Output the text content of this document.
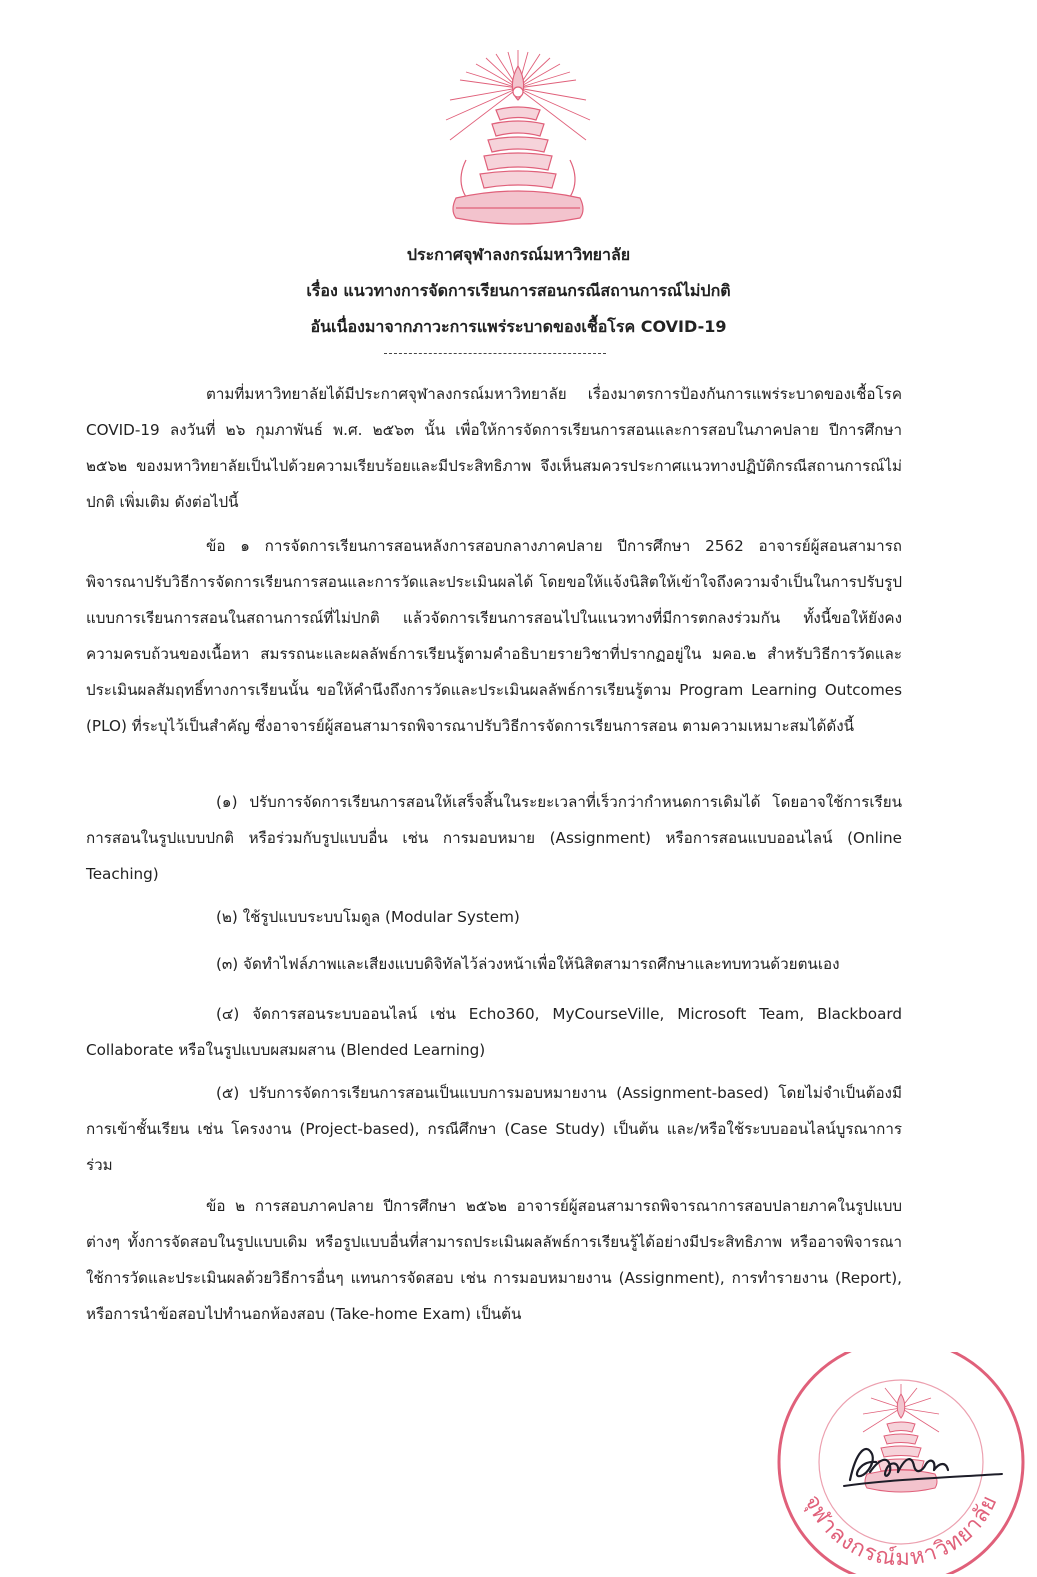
ประกาศจุฬาลงกรณ์มหาวิทยาลัย
เรื่อง แนวทางการจัดการเรียนการสอนกรณีสถานการณ์ไม่ปกติ
อันเนื่องมาจากภาวะการแพร่ระบาดของเชื้อโรค COVID-19

ตามที่มหาวิทยาลัยได้มีประกาศจุฬาลงกรณ์มหาวิทยาลัย เรื่องมาตรการป้องกันการแพร่ระบาดของเชื้อโรค COVID-19 ลงวันที่ ๒๖ กุมภาพันธ์ พ.ศ. ๒๕๖๓ นั้น เพื่อให้การจัดการเรียนการสอนและการสอบในภาคปลาย ปีการศึกษา ๒๕๖๒ ของมหาวิทยาลัยเป็นไปด้วยความเรียบร้อยและมีประสิทธิภาพ จึงเห็นสมควรประกาศแนวทางปฏิบัติกรณีสถานการณ์ไม่ปกติ เพิ่มเติม ดังต่อไปนี้

ข้อ ๑ การจัดการเรียนการสอนหลังการสอบกลางภาคปลาย ปีการศึกษา 2562 อาจารย์ผู้สอนสามารถพิจารณาปรับวิธีการจัดการเรียนการสอนและการวัดและประเมินผลได้ โดยขอให้แจ้งนิสิตให้เข้าใจถึงความจำเป็นในการปรับรูปแบบการเรียนการสอนในสถานการณ์ที่ไม่ปกติ แล้วจัดการเรียนการสอนไปในแนวทางที่มีการตกลงร่วมกัน ทั้งนี้ขอให้ยังคงความครบถ้วนของเนื้อหา สมรรถนะและผลลัพธ์การเรียนรู้ตามคำอธิบายรายวิชาที่ปรากฏอยู่ใน มคอ.๒ สำหรับวิธีการวัดและประเมินผลสัมฤทธิ์ทางการเรียนนั้น ขอให้คำนึงถึงการวัดและประเมินผลลัพธ์การเรียนรู้ตาม Program Learning Outcomes (PLO) ที่ระบุไว้เป็นสำคัญ ซึ่งอาจารย์ผู้สอนสามารถพิจารณาปรับวิธีการจัดการเรียนการสอน ตามความเหมาะสมได้ดังนี้

(๑) ปรับการจัดการเรียนการสอนให้เสร็จสิ้นในระยะเวลาที่เร็วกว่ากำหนดการเดิมได้ โดยอาจใช้การเรียนการสอนในรูปแบบปกติ หรือร่วมกับรูปแบบอื่น เช่น การมอบหมาย (Assignment) หรือการสอนแบบออนไลน์ (Online Teaching)

(๒) ใช้รูปแบบระบบโมดูล (Modular System)

(๓) จัดทำไฟล์ภาพและเสียงแบบดิจิทัลไว้ล่วงหน้าเพื่อให้นิสิตสามารถศึกษาและทบทวนด้วยตนเอง

(๔) จัดการสอนระบบออนไลน์ เช่น Echo360, MyCourseVille, Microsoft Team, Blackboard Collaborate หรือในรูปแบบผสมผสาน (Blended Learning)

(๕) ปรับการจัดการเรียนการสอนเป็นแบบการมอบหมายงาน (Assignment-based) โดยไม่จำเป็นต้องมีการเข้าชั้นเรียน เช่น โครงงาน (Project-based), กรณีศึกษา (Case Study) เป็นต้น และ/หรือใช้ระบบออนไลน์บูรณาการร่วม

ข้อ ๒ การสอบภาคปลาย ปีการศึกษา ๒๕๖๒ อาจารย์ผู้สอนสามารถพิจารณาการสอบปลายภาคในรูปแบบต่างๆ ทั้งการจัดสอบในรูปแบบเดิม หรือรูปแบบอื่นที่สามารถประเมินผลลัพธ์การเรียนรู้ได้อย่างมีประสิทธิภาพ หรืออาจพิจารณาใช้การวัดและประเมินผลด้วยวิธีการอื่นๆ แทนการจัดสอบ เช่น การมอบหมายงาน (Assignment), การทำรายงาน (Report), หรือการนำข้อสอบไปทำนอกห้องสอบ (Take-home Exam) เป็นต้น

จุฬาลงกรณ์มหาวิทยาลัย
